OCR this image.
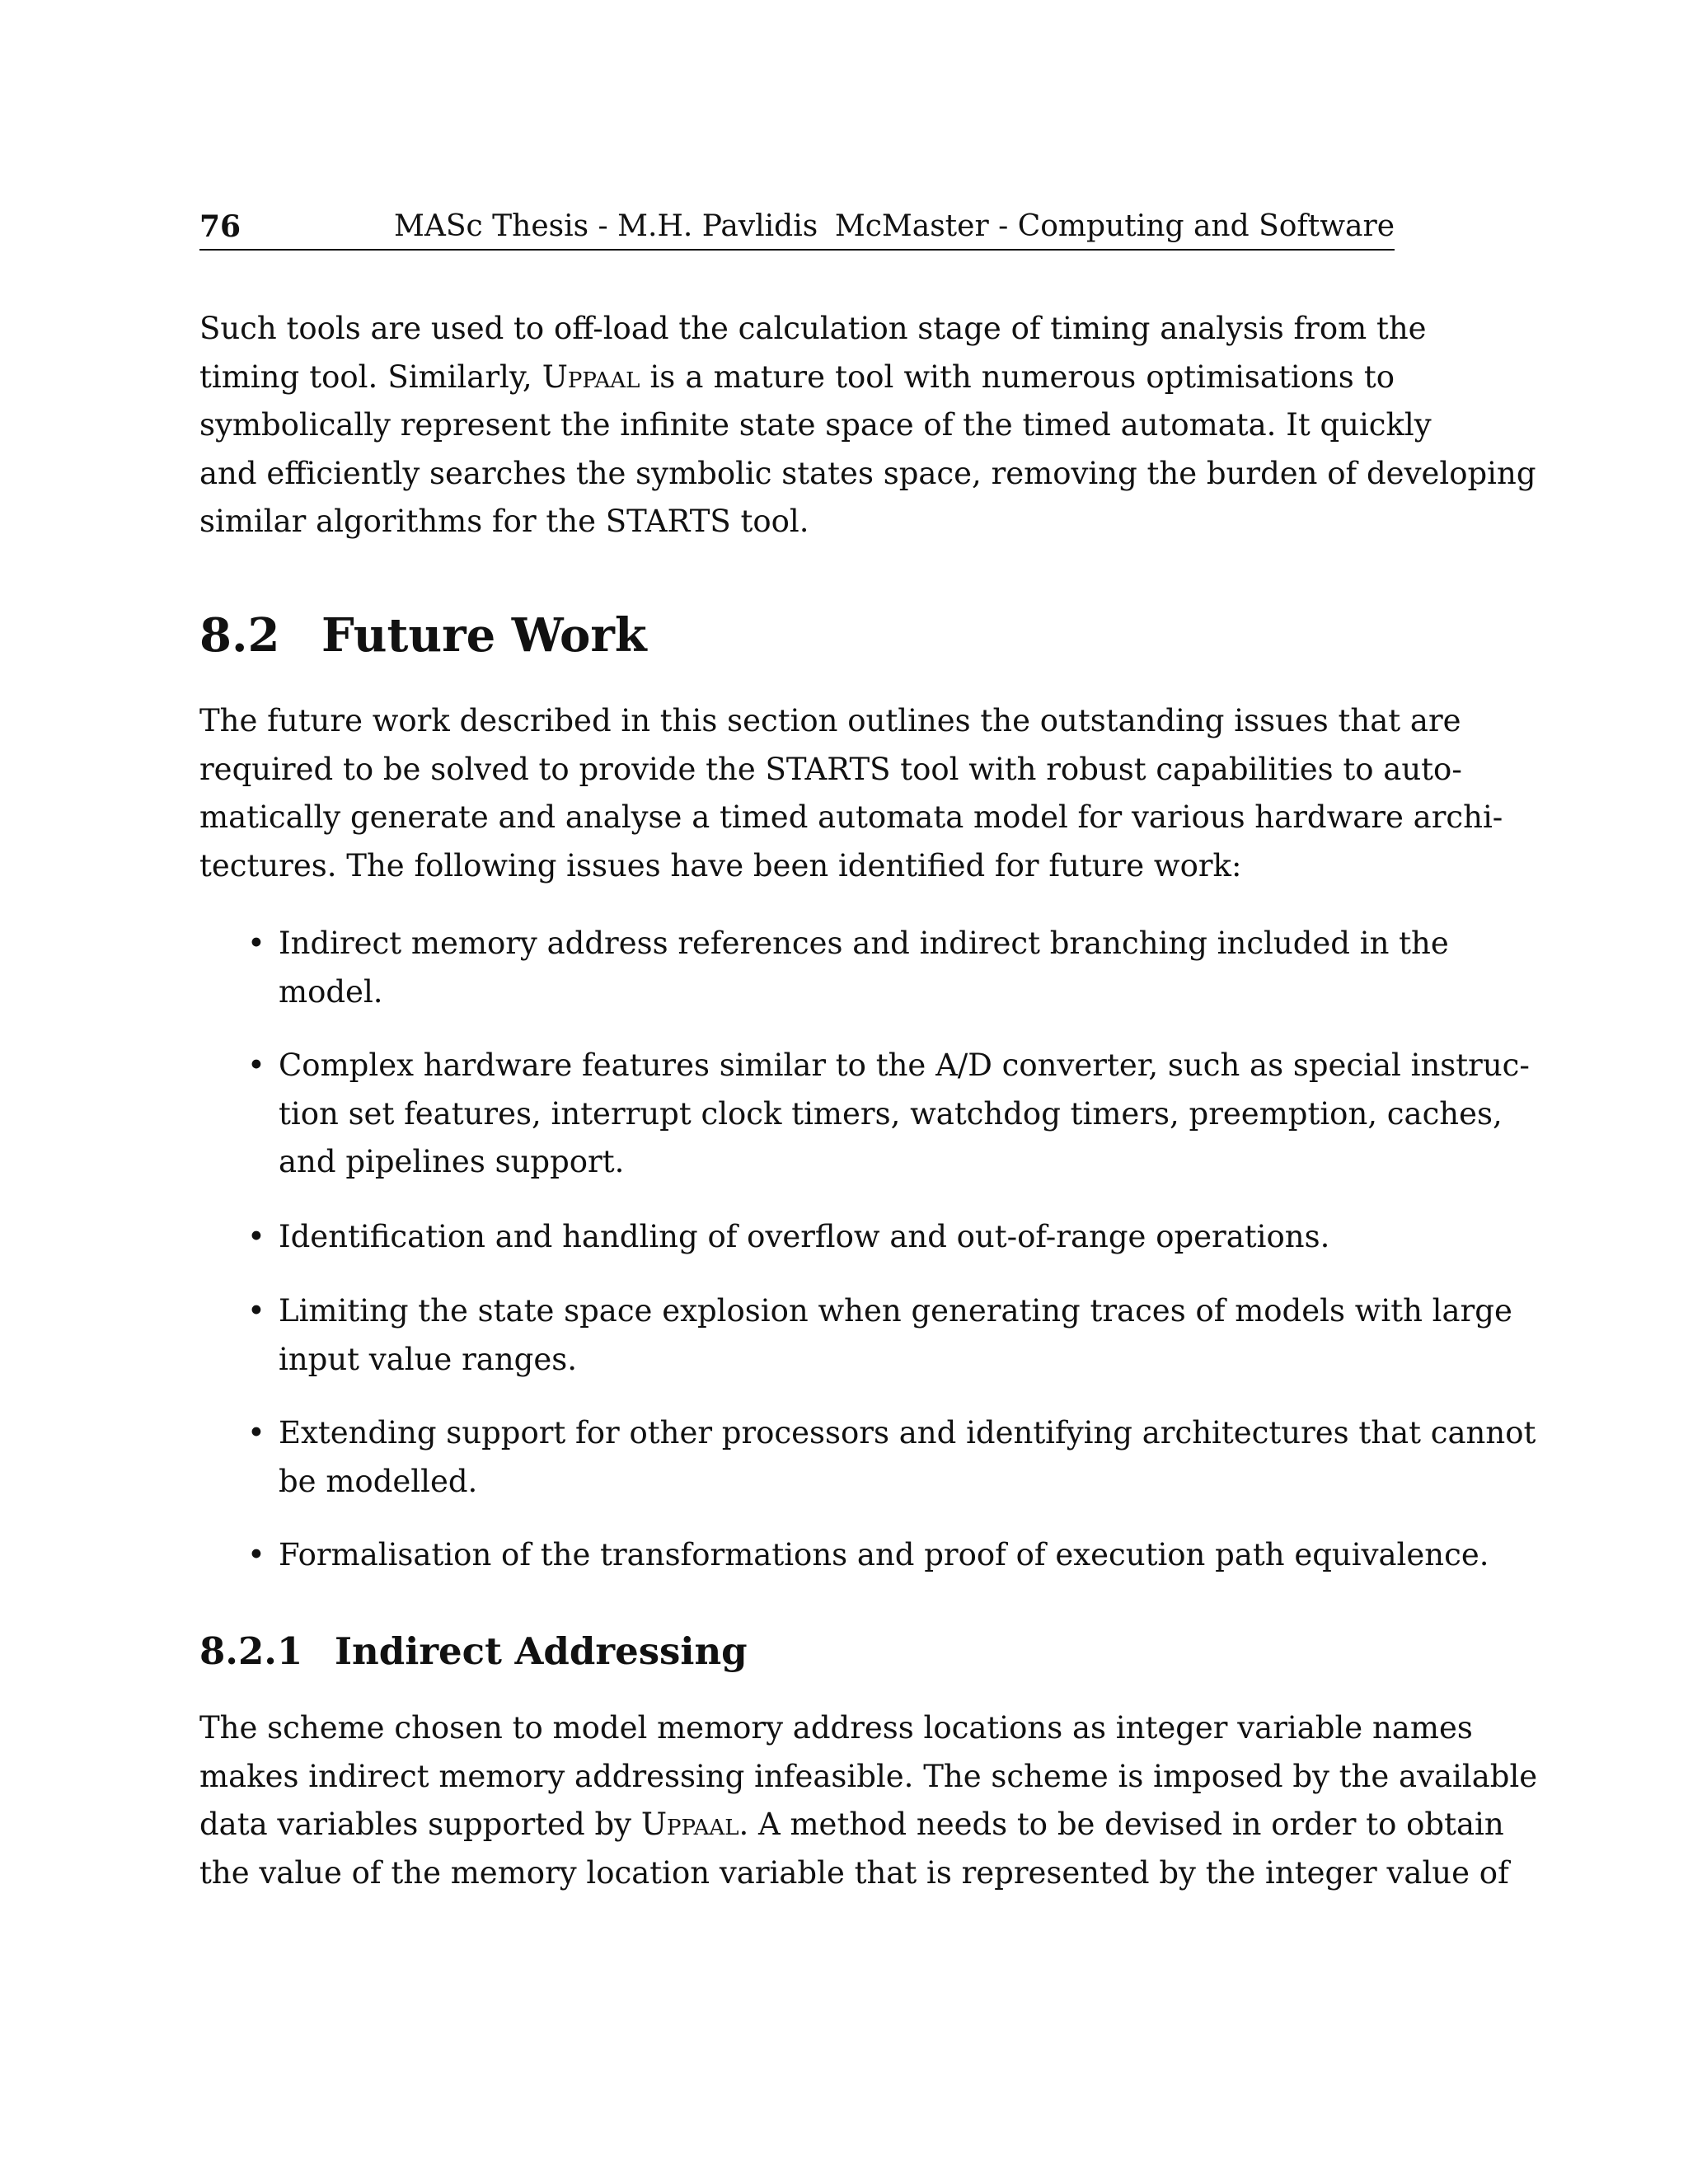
76	MASc Thesis - M.H. Pavlidis McMaster - Computing and Software
Such tools are used to off-load the calculation stage of timing analysis from the
timing tool. Similarly, Uppaal is a mature tool with numerous optimisations to
symbolically represent the infinite state space of the timed automata. It quickly
and efficiently searches the symbolic states space, removing the burden of developing
similar algorithms for the STARTS tool.
8.2 Future Work
The future work described in this section outlines the outstanding issues that are
required to be solved to provide the STARTS tool with robust capabilities to auto-
matically generate and analyse a timed automata model for various hardware archi-
tectures. The following issues have been identified for future work:
• Indirect memory address references and indirect branching included in the
model.
• Complex hardware features similar to the A/D converter, such as special instruc-
tion set features, interrupt clock timers, watchdog timers, preemption, caches,
and pipelines support.
• Identification and handling of overflow and out-of-range operations.
• Limiting the state space explosion when generating traces of models with large
input value ranges.
• Extending support for other processors and identifying architectures that cannot
be modelled.
• Formalisation of the transformations and proof of execution path equivalence.
8.2.1 Indirect Addressing
The scheme chosen to model memory address locations as integer variable names
makes indirect memory addressing infeasible. The scheme is imposed by the available
data variables supported by Uppaal. A method needs to be devised in order to obtain
the value of the memory location variable that is represented by the integer value of
